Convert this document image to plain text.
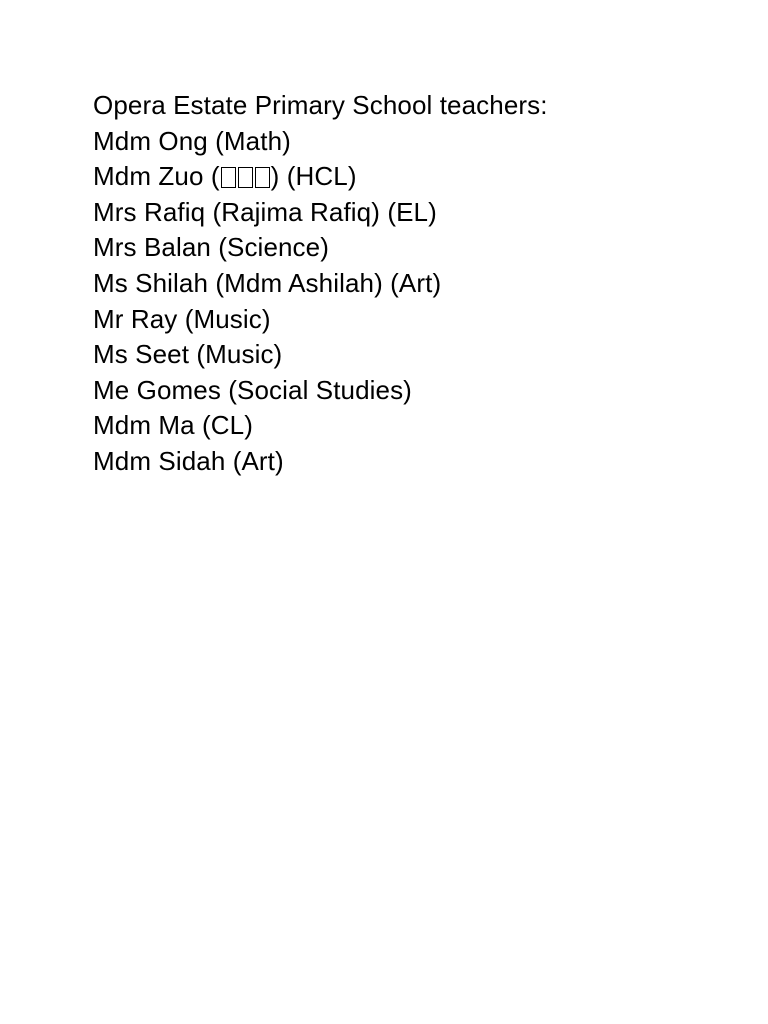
Opera Estate Primary School teachers:
Mdm Ong (Math)
Mdm Zuo ( ) (HCL)
Mrs Rafiq (Rajima Rafiq) (EL)
Mrs Balan (Science)
Ms Shilah (Mdm Ashilah) (Art)
Mr Ray (Music)
Ms Seet (Music)
Me Gomes (Social Studies)
Mdm Ma (CL)
Mdm Sidah (Art)
